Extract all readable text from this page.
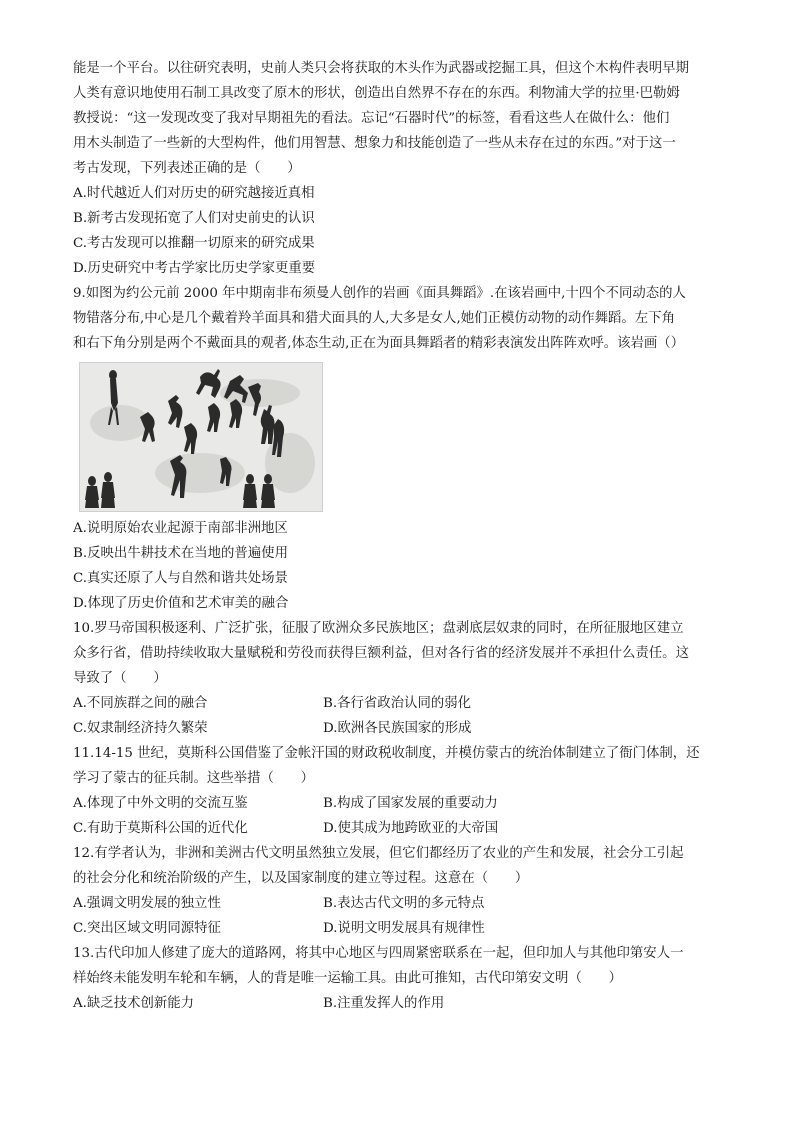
能是一个平台。以往研究表明，史前人类只会将获取的木头作为武器或挖掘工具，但这个木构件表明早期
人类有意识地使用石制工具改变了原木的形状，创造出自然界不存在的东西。利物浦大学的拉里·巴勒姆
教授说：“这一发现改变了我对早期祖先的看法。忘记“石器时代”的标签，看看这些人在做什么：他们
用木头制造了一些新的大型构件，他们用智慧、想象力和技能创造了一些从未存在过的东西。”对于这一
考古发现，下列表述正确的是（　　）
A.时代越近人们对历史的研究越接近真相
B.新考古发现拓宽了人们对史前史的认识
C.考古发现可以推翻一切原来的研究成果
D.历史研究中考古学家比历史学家更重要
9.如图为约公元前 2000 年中期南非布须曼人创作的岩画《面具舞蹈》.在该岩画中,十四个不同动态的人
物错落分布,中心是几个戴着羚羊面具和猎犬面具的人,大多是女人,她们正模仿动物的动作舞蹈。左下角
和右下角分别是两个不戴面具的观者,体态生动,正在为面具舞蹈者的精彩表演发出阵阵欢呼。该岩画（）
A.说明原始农业起源于南部非洲地区
B.反映出牛耕技术在当地的普遍使用
C.真实还原了人与自然和谐共处场景
D.体现了历史价值和艺术审美的融合
10.罗马帝国积极逐利、广泛扩张，征服了欧洲众多民族地区；盘剥底层奴隶的同时，在所征服地区建立
众多行省，借助持续收取大量赋税和劳役而获得巨额利益，但对各行省的经济发展并不承担什么责任。这
导致了（　　）
A.不同族群之间的融合	B.各行省政治认同的弱化
C.奴隶制经济持久繁荣	D.欧洲各民族国家的形成
11.14-15 世纪，莫斯科公国借鉴了金帐汗国的财政税收制度，并模仿蒙古的统治体制建立了衙门体制，还
学习了蒙古的征兵制。这些举措（　　）
A.体现了中外文明的交流互鉴	B.构成了国家发展的重要动力
C.有助于莫斯科公国的近代化	D.使其成为地跨欧亚的大帝国
12.有学者认为，非洲和美洲古代文明虽然独立发展，但它们都经历了农业的产生和发展，社会分工引起
的社会分化和统治阶级的产生，以及国家制度的建立等过程。这意在（　　）
A.强调文明发展的独立性	B.表达古代文明的多元特点
C.突出区域文明同源特征	D.说明文明发展具有规律性
13.古代印加人修建了庞大的道路网，将其中心地区与四周紧密联系在一起，但印加人与其他印第安人一
样始终未能发明车轮和车辆，人的背是唯一运输工具。由此可推知，古代印第安文明（　　）
A.缺乏技术创新能力	B.注重发挥人的作用
